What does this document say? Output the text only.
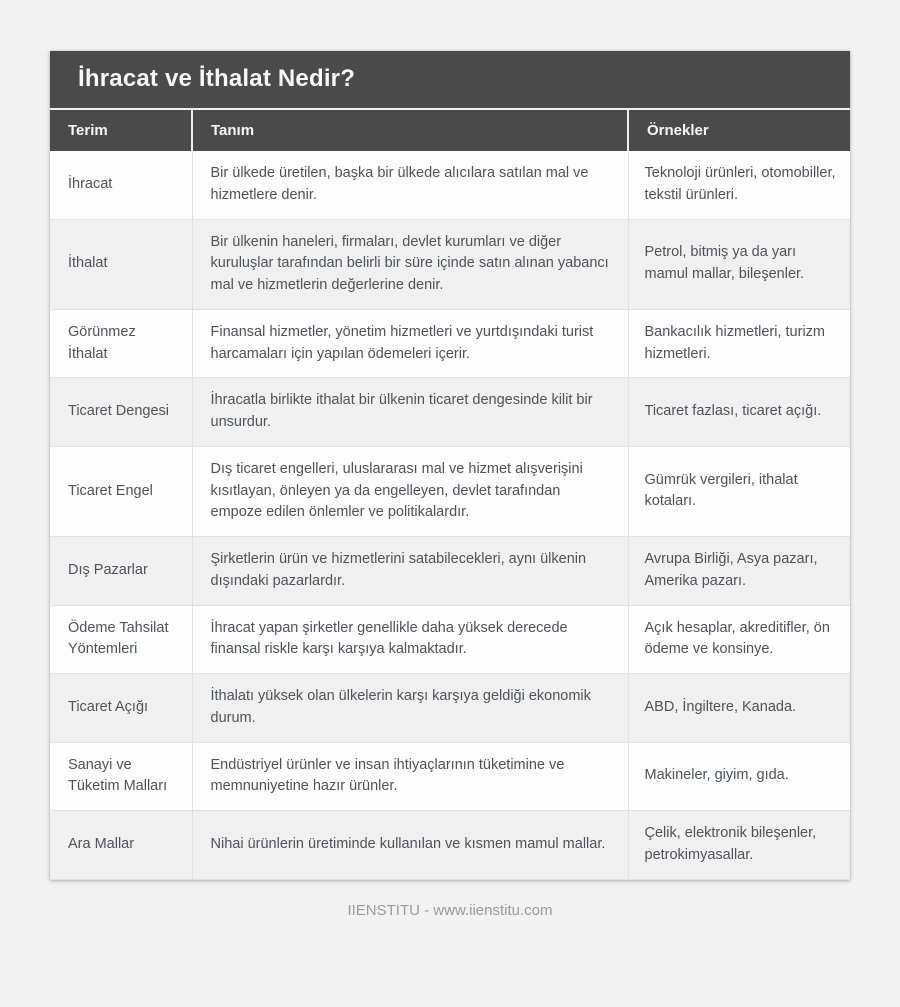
İhracat ve İthalat Nedir?
Terim	Tanım	Örnekler
İhracat	Bir ülkede üretilen, başka bir ülkede alıcılara satılan mal ve hizmetlere denir.	Teknoloji ürünleri, otomobiller, tekstil ürünleri.
İthalat	Bir ülkenin haneleri, firmaları, devlet kurumları ve diğer kuruluşlar tarafından belirli bir süre içinde satın alınan yabancı mal ve hizmetlerin değerlerine denir.	Petrol, bitmiş ya da yarı mamul mallar, bileşenler.
Görünmez İthalat	Finansal hizmetler, yönetim hizmetleri ve yurtdışındaki turist harcamaları için yapılan ödemeleri içerir.	Bankacılık hizmetleri, turizm hizmetleri.
Ticaret Dengesi	İhracatla birlikte ithalat bir ülkenin ticaret dengesinde kilit bir unsurdur.	Ticaret fazlası, ticaret açığı.
Ticaret Engel	Dış ticaret engelleri, uluslararası mal ve hizmet alışverişini kısıtlayan, önleyen ya da engelleyen, devlet tarafından empoze edilen önlemler ve politikalardır.	Gümrük vergileri, ithalat kotaları.
Dış Pazarlar	Şirketlerin ürün ve hizmetlerini satabilecekleri, aynı ülkenin dışındaki pazarlardır.	Avrupa Birliği, Asya pazarı, Amerika pazarı.
Ödeme Tahsilat Yöntemleri	İhracat yapan şirketler genellikle daha yüksek derecede finansal riskle karşı karşıya kalmaktadır.	Açık hesaplar, akreditifler, ön ödeme ve konsinye.
Ticaret Açığı	İthalatı yüksek olan ülkelerin karşı karşıya geldiği ekonomik durum.	ABD, İngiltere, Kanada.
Sanayi ve Tüketim Malları	Endüstriyel ürünler ve insan ihtiyaçlarının tüketimine ve memnuniyetine hazır ürünler.	Makineler, giyim, gıda.
Ara Mallar	Nihai ürünlerin üretiminde kullanılan ve kısmen mamul mallar.	Çelik, elektronik bileşenler, petrokimyasallar.
IIENSTITU - www.iienstitu.com
